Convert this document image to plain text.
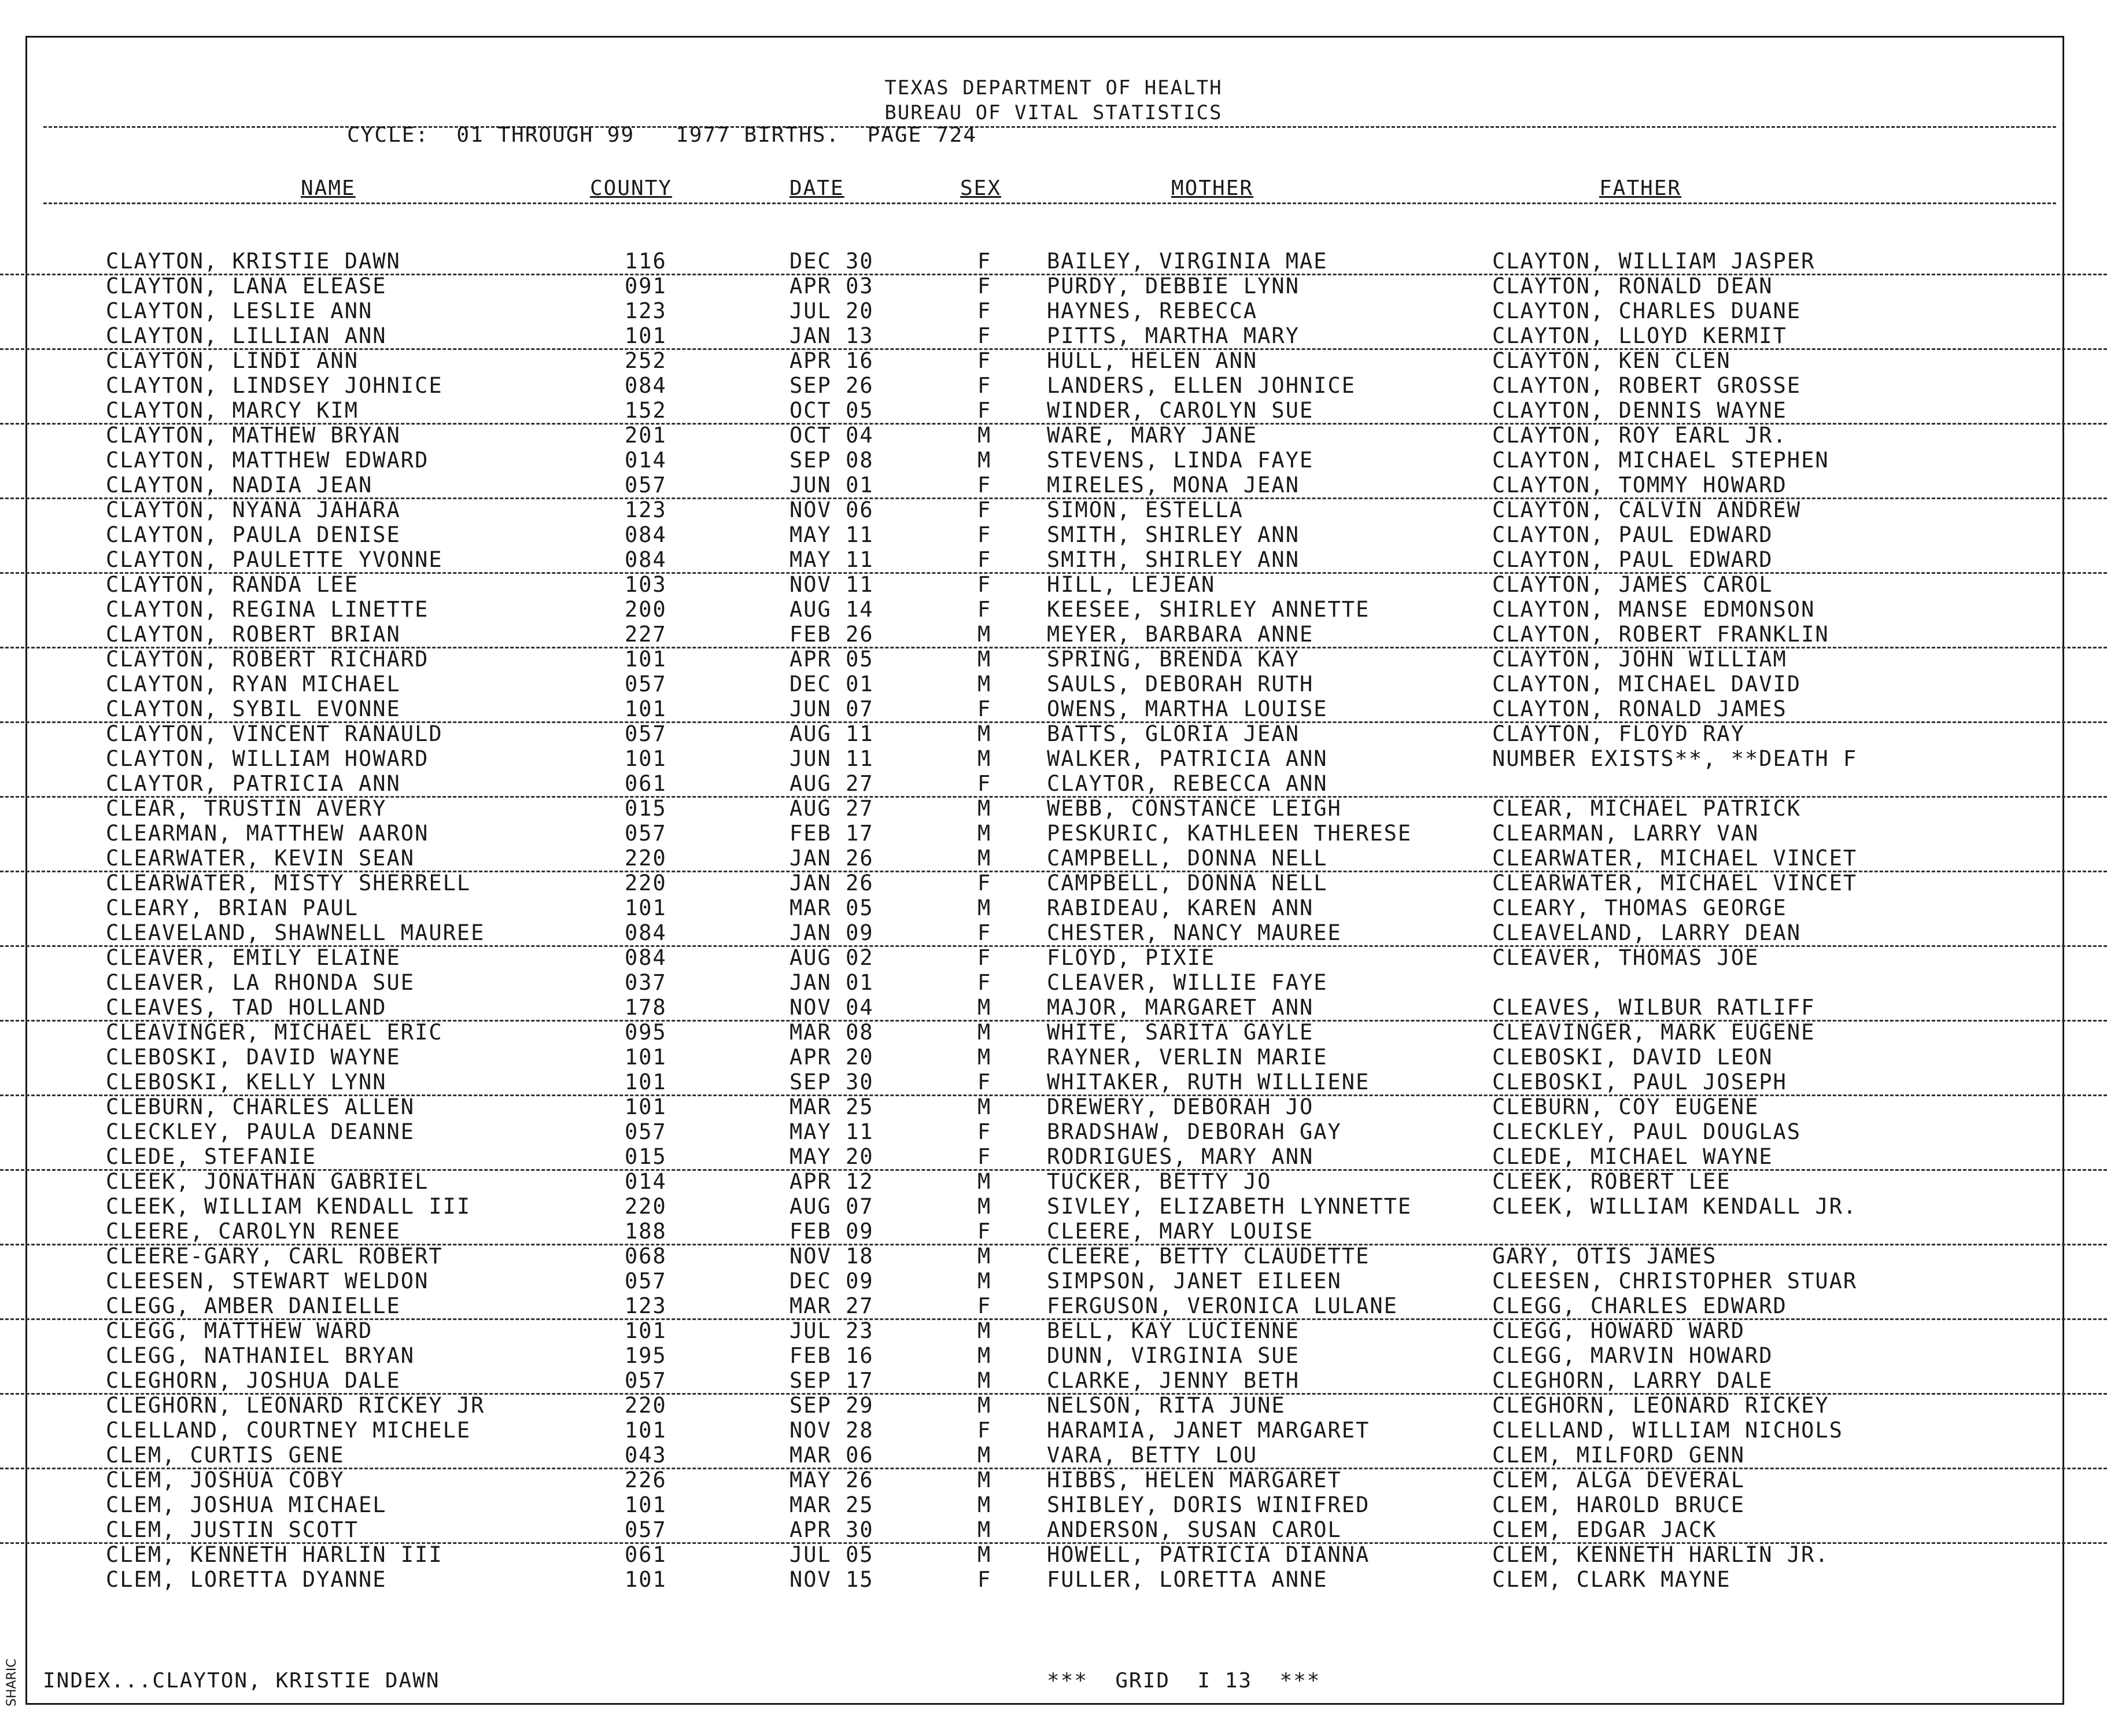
TEXAS DEPARTMENT OF HEALTH
BUREAU OF VITAL STATISTICS
CYCLE:  01 THROUGH 99   1977 BIRTHS.  PAGE 724
NAME	COUNTY	DATE	SEX	MOTHER	FATHER
CLAYTON, KRISTIE DAWN	116	DEC 30	F	BAILEY, VIRGINIA MAE	CLAYTON, WILLIAM JASPER
CLAYTON, LANA ELEASE	091	APR 03	F	PURDY, DEBBIE LYNN	CLAYTON, RONALD DEAN
CLAYTON, LESLIE ANN	123	JUL 20	F	HAYNES, REBECCA	CLAYTON, CHARLES DUANE
CLAYTON, LILLIAN ANN	101	JAN 13	F	PITTS, MARTHA MARY	CLAYTON, LLOYD KERMIT
CLAYTON, LINDI ANN	252	APR 16	F	HULL, HELEN ANN	CLAYTON, KEN CLEN
CLAYTON, LINDSEY JOHNICE	084	SEP 26	F	LANDERS, ELLEN JOHNICE	CLAYTON, ROBERT GROSSE
CLAYTON, MARCY KIM	152	OCT 05	F	WINDER, CAROLYN SUE	CLAYTON, DENNIS WAYNE
CLAYTON, MATHEW BRYAN	201	OCT 04	M	WARE, MARY JANE	CLAYTON, ROY EARL JR.
CLAYTON, MATTHEW EDWARD	014	SEP 08	M	STEVENS, LINDA FAYE	CLAYTON, MICHAEL STEPHEN
CLAYTON, NADIA JEAN	057	JUN 01	F	MIRELES, MONA JEAN	CLAYTON, TOMMY HOWARD
CLAYTON, NYANA JAHARA	123	NOV 06	F	SIMON, ESTELLA	CLAYTON, CALVIN ANDREW
CLAYTON, PAULA DENISE	084	MAY 11	F	SMITH, SHIRLEY ANN	CLAYTON, PAUL EDWARD
CLAYTON, PAULETTE YVONNE	084	MAY 11	F	SMITH, SHIRLEY ANN	CLAYTON, PAUL EDWARD
CLAYTON, RANDA LEE	103	NOV 11	F	HILL, LEJEAN	CLAYTON, JAMES CAROL
CLAYTON, REGINA LINETTE	200	AUG 14	F	KEESEE, SHIRLEY ANNETTE	CLAYTON, MANSE EDMONSON
CLAYTON, ROBERT BRIAN	227	FEB 26	M	MEYER, BARBARA ANNE	CLAYTON, ROBERT FRANKLIN
CLAYTON, ROBERT RICHARD	101	APR 05	M	SPRING, BRENDA KAY	CLAYTON, JOHN WILLIAM
CLAYTON, RYAN MICHAEL	057	DEC 01	M	SAULS, DEBORAH RUTH	CLAYTON, MICHAEL DAVID
CLAYTON, SYBIL EVONNE	101	JUN 07	F	OWENS, MARTHA LOUISE	CLAYTON, RONALD JAMES
CLAYTON, VINCENT RANAULD	057	AUG 11	M	BATTS, GLORIA JEAN	CLAYTON, FLOYD RAY
CLAYTON, WILLIAM HOWARD	101	JUN 11	M	WALKER, PATRICIA ANN	NUMBER EXISTS**, **DEATH F
CLAYTOR, PATRICIA ANN	061	AUG 27	F	CLAYTOR, REBECCA ANN
CLEAR, TRUSTIN AVERY	015	AUG 27	M	WEBB, CONSTANCE LEIGH	CLEAR, MICHAEL PATRICK
CLEARMAN, MATTHEW AARON	057	FEB 17	M	PESKURIC, KATHLEEN THERESE	CLEARMAN, LARRY VAN
CLEARWATER, KEVIN SEAN	220	JAN 26	M	CAMPBELL, DONNA NELL	CLEARWATER, MICHAEL VINCET
CLEARWATER, MISTY SHERRELL	220	JAN 26	F	CAMPBELL, DONNA NELL	CLEARWATER, MICHAEL VINCET
CLEARY, BRIAN PAUL	101	MAR 05	M	RABIDEAU, KAREN ANN	CLEARY, THOMAS GEORGE
CLEAVELAND, SHAWNELL MAUREE	084	JAN 09	F	CHESTER, NANCY MAUREE	CLEAVELAND, LARRY DEAN
CLEAVER, EMILY ELAINE	084	AUG 02	F	FLOYD, PIXIE	CLEAVER, THOMAS JOE
CLEAVER, LA RHONDA SUE	037	JAN 01	F	CLEAVER, WILLIE FAYE
CLEAVES, TAD HOLLAND	178	NOV 04	M	MAJOR, MARGARET ANN	CLEAVES, WILBUR RATLIFF
CLEAVINGER, MICHAEL ERIC	095	MAR 08	M	WHITE, SARITA GAYLE	CLEAVINGER, MARK EUGENE
CLEBOSKI, DAVID WAYNE	101	APR 20	M	RAYNER, VERLIN MARIE	CLEBOSKI, DAVID LEON
CLEBOSKI, KELLY LYNN	101	SEP 30	F	WHITAKER, RUTH WILLIENE	CLEBOSKI, PAUL JOSEPH
CLEBURN, CHARLES ALLEN	101	MAR 25	M	DREWERY, DEBORAH JO	CLEBURN, COY EUGENE
CLECKLEY, PAULA DEANNE	057	MAY 11	F	BRADSHAW, DEBORAH GAY	CLECKLEY, PAUL DOUGLAS
CLEDE, STEFANIE	015	MAY 20	F	RODRIGUES, MARY ANN	CLEDE, MICHAEL WAYNE
CLEEK, JONATHAN GABRIEL	014	APR 12	M	TUCKER, BETTY JO	CLEEK, ROBERT LEE
CLEEK, WILLIAM KENDALL III	220	AUG 07	M	SIVLEY, ELIZABETH LYNNETTE	CLEEK, WILLIAM KENDALL JR.
CLEERE, CAROLYN RENEE	188	FEB 09	F	CLEERE, MARY LOUISE
CLEERE-GARY, CARL ROBERT	068	NOV 18	M	CLEERE, BETTY CLAUDETTE	GARY, OTIS JAMES
CLEESEN, STEWART WELDON	057	DEC 09	M	SIMPSON, JANET EILEEN	CLEESEN, CHRISTOPHER STUAR
CLEGG, AMBER DANIELLE	123	MAR 27	F	FERGUSON, VERONICA LULANE	CLEGG, CHARLES EDWARD
CLEGG, MATTHEW WARD	101	JUL 23	M	BELL, KAY LUCIENNE	CLEGG, HOWARD WARD
CLEGG, NATHANIEL BRYAN	195	FEB 16	M	DUNN, VIRGINIA SUE	CLEGG, MARVIN HOWARD
CLEGHORN, JOSHUA DALE	057	SEP 17	M	CLARKE, JENNY BETH	CLEGHORN, LARRY DALE
CLEGHORN, LEONARD RICKEY JR	220	SEP 29	M	NELSON, RITA JUNE	CLEGHORN, LEONARD RICKEY
CLELLAND, COURTNEY MICHELE	101	NOV 28	F	HARAMIA, JANET MARGARET	CLELLAND, WILLIAM NICHOLS
CLEM, CURTIS GENE	043	MAR 06	M	VARA, BETTY LOU	CLEM, MILFORD GENN
CLEM, JOSHUA COBY	226	MAY 26	M	HIBBS, HELEN MARGARET	CLEM, ALGA DEVERAL
CLEM, JOSHUA MICHAEL	101	MAR 25	M	SHIBLEY, DORIS WINIFRED	CLEM, HAROLD BRUCE
CLEM, JUSTIN SCOTT	057	APR 30	M	ANDERSON, SUSAN CAROL	CLEM, EDGAR JACK
CLEM, KENNETH HARLIN III	061	JUL 05	M	HOWELL, PATRICIA DIANNA	CLEM, KENNETH HARLIN JR.
CLEM, LORETTA DYANNE	101	NOV 15	F	FULLER, LORETTA ANNE	CLEM, CLARK MAYNE
INDEX...CLAYTON, KRISTIE DAWN	***  GRID  I 13  ***
SHARIC
